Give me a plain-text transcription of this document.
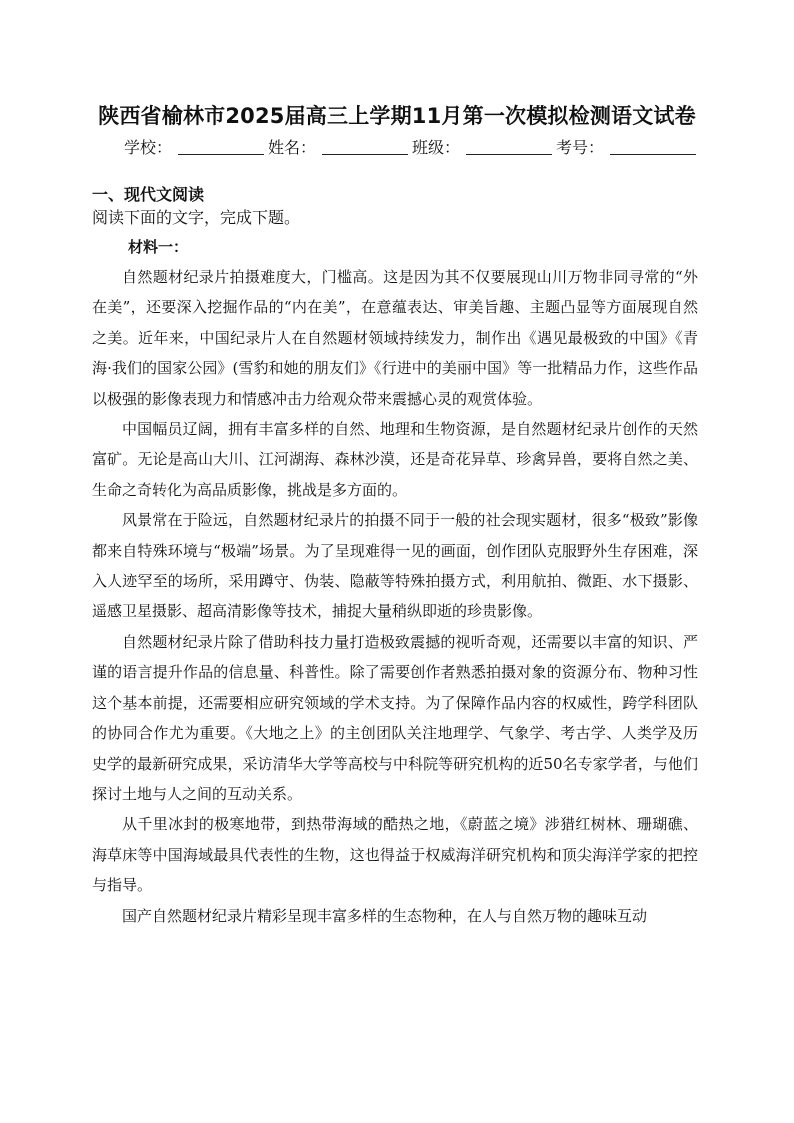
陕西省榆林市2025届高三上学期11月第一次模拟检测语文试卷
学校：	姓名：	班级：	考号：
一、现代文阅读
阅读下面的文字，完成下题。
材料一：

自然题材纪录片拍摄难度大，门槛高。这是因为其不仅要展现山川万物非同寻常的“外在美”，还要深入挖掘作品的“内在美”，在意蕴表达、审美旨趣、主题凸显等方面展现自然之美。近年来，中国纪录片人在自然题材领域持续发力，制作出《遇见最极致的中国》《青海·我们的国家公园》(雪豹和她的朋友们》《行进中的美丽中国》等一批精品力作，这些作品以极强的影像表现力和情感冲击力给观众带来震撼心灵的观赏体验。

中国幅员辽阔，拥有丰富多样的自然、地理和生物资源，是自然题材纪录片创作的天然富矿。无论是高山大川、江河湖海、森林沙漠，还是奇花异草、珍禽异兽，要将自然之美、生命之奇转化为高品质影像，挑战是多方面的。

风景常在于险远，自然题材纪录片的拍摄不同于一般的社会现实题材，很多“极致”影像都来自特殊环境与“极端”场景。为了呈现难得一见的画面，创作团队克服野外生存困难，深入人迹罕至的场所，采用蹲守、伪装、隐蔽等特殊拍摄方式，利用航拍、微距、水下摄影、遥感卫星摄影、超高清影像等技术，捕捉大量稍纵即逝的珍贵影像。

自然题材纪录片除了借助科技力量打造极致震撼的视听奇观，还需要以丰富的知识、严谨的语言提升作品的信息量、科普性。除了需要创作者熟悉拍摄对象的资源分布、物种习性这个基本前提，还需要相应研究领域的学术支持。为了保障作品内容的权威性，跨学科团队的协同合作尤为重要。《大地之上》的主创团队关注地理学、气象学、考古学、人类学及历史学的最新研究成果，采访清华大学等高校与中科院等研究机构的近50名专家学者，与他们探讨土地与人之间的互动关系。

从千里冰封的极寒地带，到热带海域的酷热之地，《蔚蓝之境》涉猎红树林、珊瑚礁、海草床等中国海域最具代表性的生物，这也得益于权威海洋研究机构和顶尖海洋学家的把控与指导。

国产自然题材纪录片精彩呈现丰富多样的生态物种，在人与自然万物的趣味互动
